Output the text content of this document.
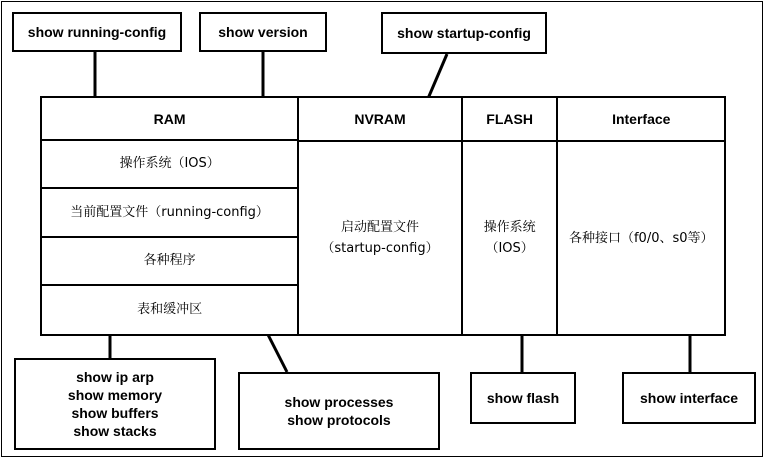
show running-config	show version	show startup-config
RAM
操作系统（IOS）
当前配置文件（running-config）
各种程序
表和缓冲区
NVRAM
启动配置文件
（startup-config）
FLASH
操作系统
（IOS）
Interface
各种接口（f0/0、s0等）
show ip arp
show memory
show buffers
show stacks
show processes
show protocols
show flash	show interface
